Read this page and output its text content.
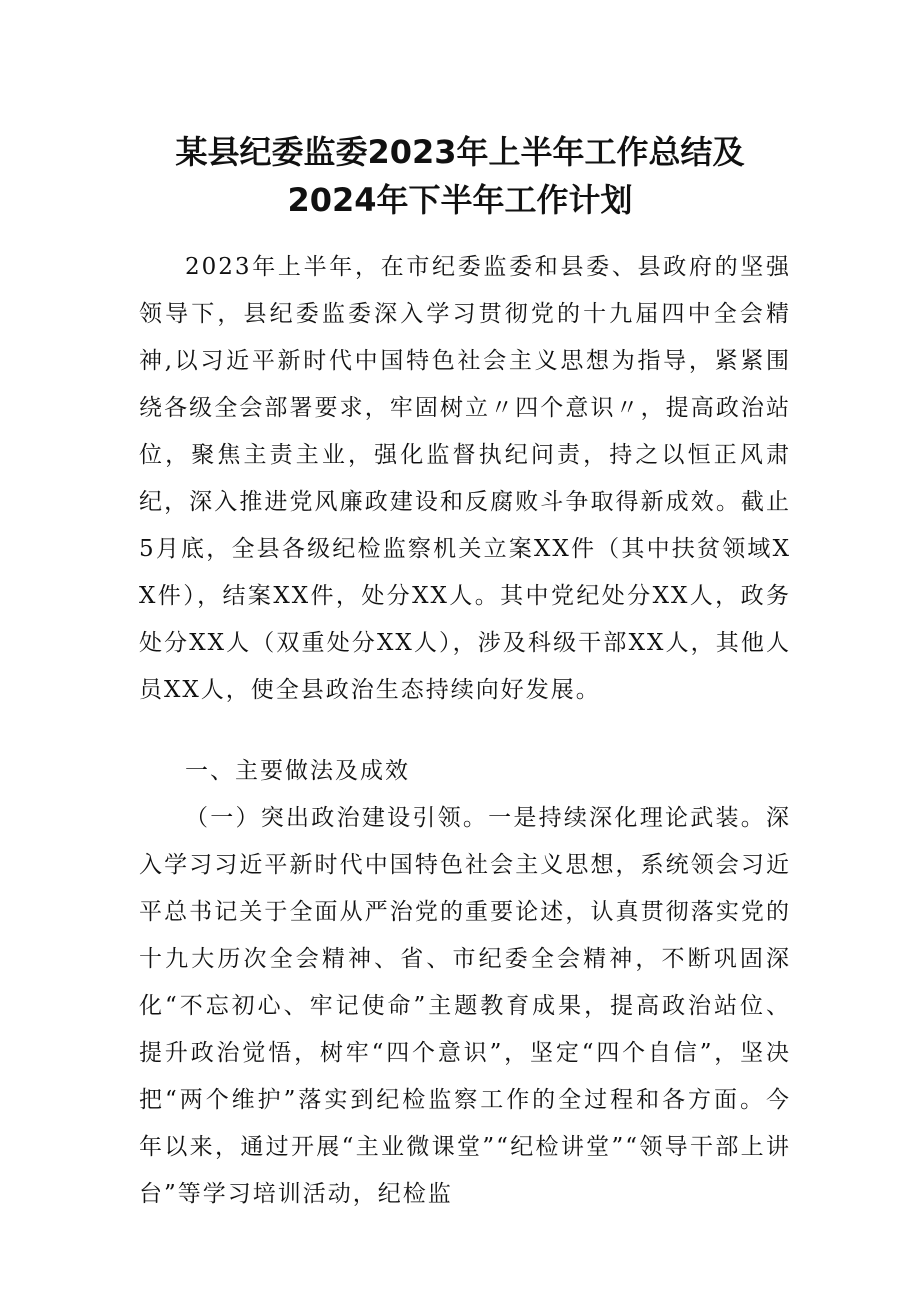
某县纪委监委2023年上半年工作总结及
2024年下半年工作计划

2023年上半年，在市纪委监委和县委、县政府的坚强领导下，县纪委监委深入学习贯彻党的十九届四中全会精神,以习近平新时代中国特色社会主义思想为指导，紧紧围绕各级全会部署要求，牢固树立〃四个意识〃，提高政治站位，聚焦主责主业，强化监督执纪问责，持之以恒正风肃纪，深入推进党风廉政建设和反腐败斗争取得新成效。截止5月底，全县各级纪检监察机关立案XX件（其中扶贫领域XX件），结案XX件，处分XX人。其中党纪处分XX人，政务处分XX人（双重处分XX人），涉及科级干部XX人，其他人员XX人，使全县政治生态持续向好发展。

一、主要做法及成效

（一）突出政治建设引领。一是持续深化理论武装。深入学习习近平新时代中国特色社会主义思想，系统领会习近平总书记关于全面从严治党的重要论述，认真贯彻落实党的十九大历次全会精神、省、市纪委全会精神，不断巩固深化“不忘初心、牢记使命”主题教育成果，提高政治站位、提升政治觉悟，树牢“四个意识”，坚定“四个自信”，坚决把“两个维护”落实到纪检监察工作的全过程和各方面。今年以来，通过开展“主业微课堂”“纪检讲堂”“领导干部上讲台”等学习培训活动，纪检监
